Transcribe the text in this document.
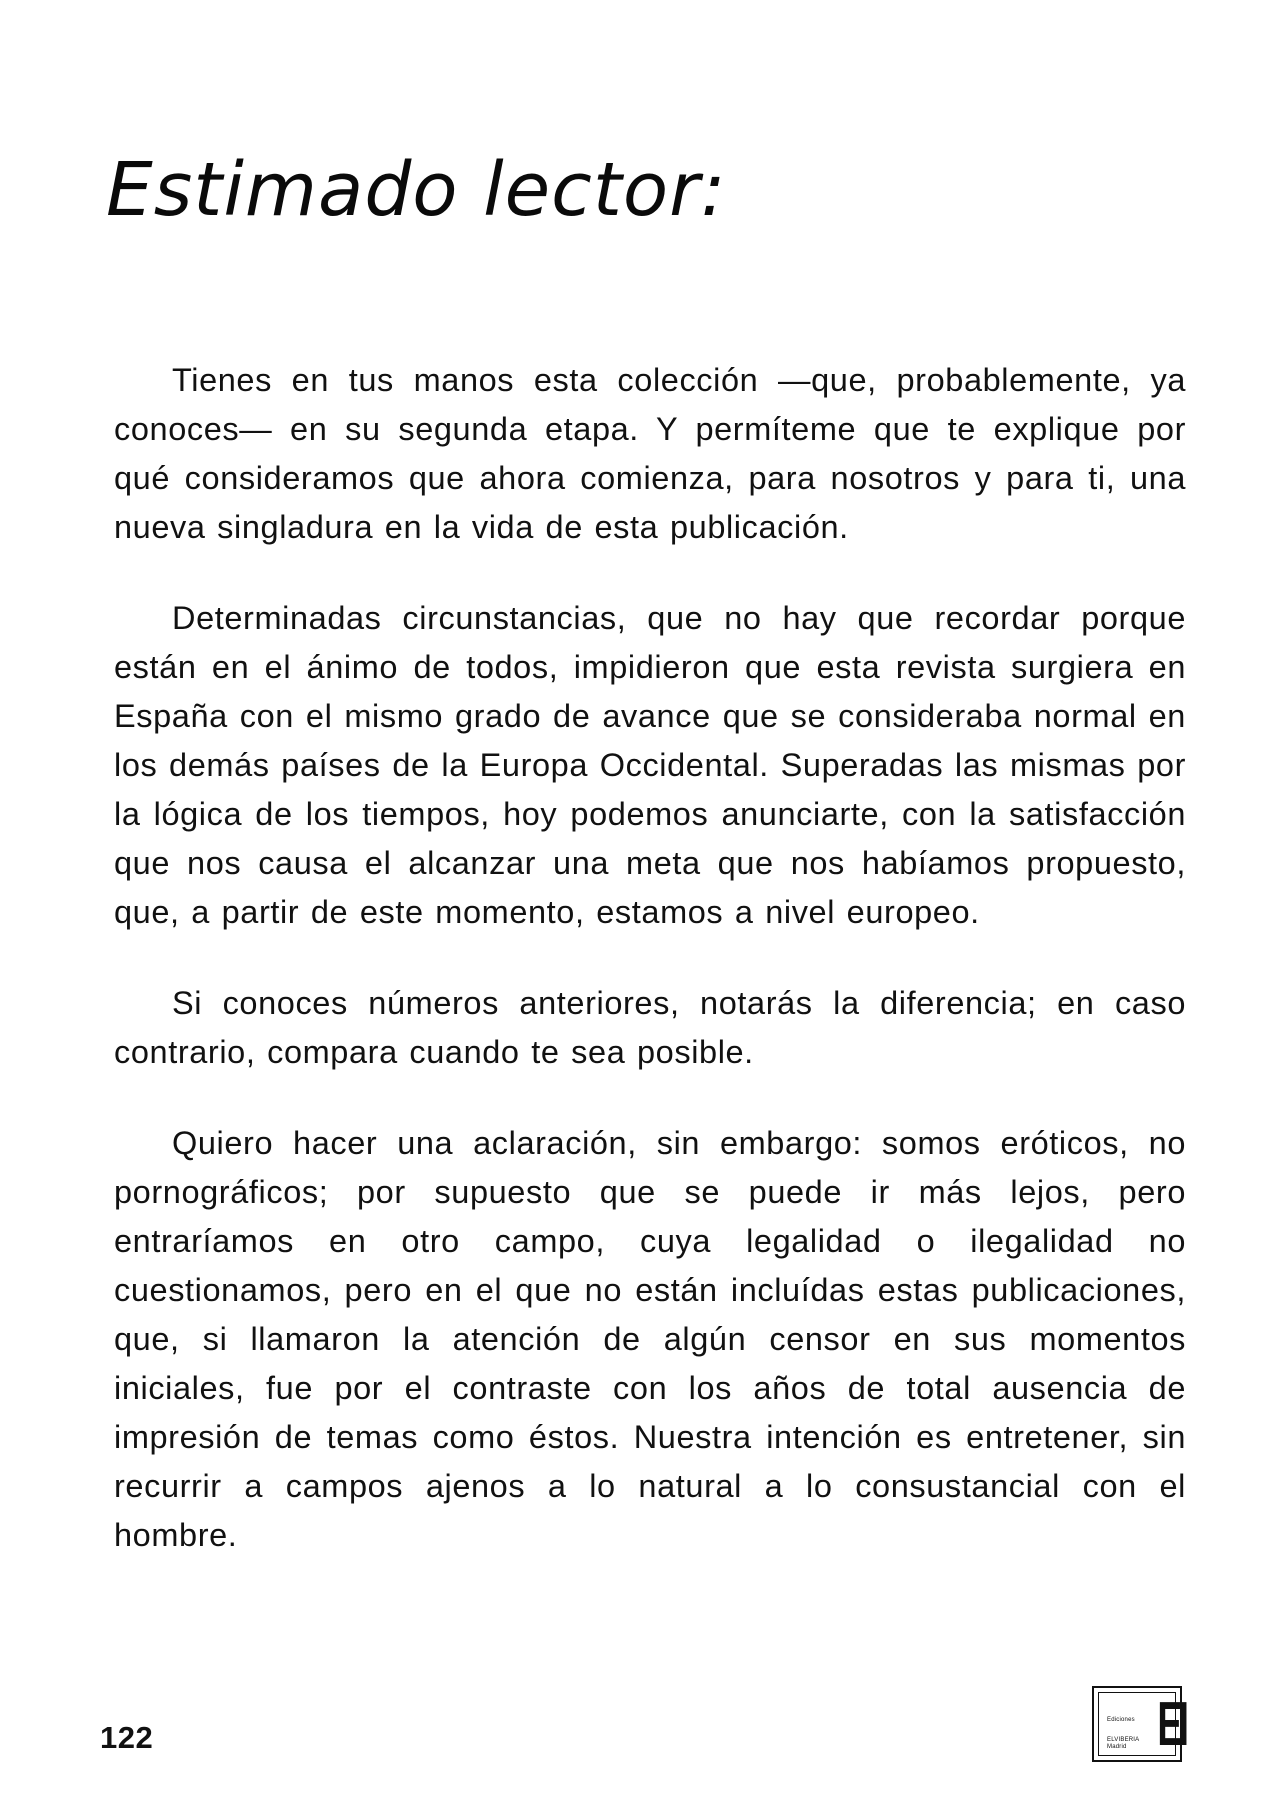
Estimado lector:

Tienes en tus manos esta colección —que, probablemente, ya conoces— en su segunda etapa. Y permíteme que te explique por qué consideramos que ahora comienza, para nosotros y para ti, una nueva singladura en la vida de esta publicación.

Determinadas circunstancias, que no hay que recordar porque están en el ánimo de todos, impidieron que esta revista surgiera en España con el mismo grado de avance que se consideraba normal en los demás países de la Europa Occidental. Superadas las mismas por la lógica de los tiempos, hoy podemos anunciarte, con la satisfacción que nos causa el alcanzar una meta que nos habíamos propuesto, que, a partir de este momento, estamos a nivel europeo.

Si conoces números anteriores, notarás la diferencia; en caso contrario, compara cuando te sea posible.

Quiero hacer una aclaración, sin embargo: somos eróticos, no pornográficos; por supuesto que se puede ir más lejos, pero entraríamos en otro campo, cuya legalidad o ilegalidad no cuestionamos, pero en el que no están incluídas estas publicaciones, que, si llamaron la atención de algún censor en sus momentos iniciales, fue por el contraste con los años de total ausencia de impresión de temas como éstos. Nuestra intención es entretener, sin recurrir a campos ajenos a lo natural a lo consustancial con el hombre.

122	Ediciones
ELVIBERIA
Madrid EI
